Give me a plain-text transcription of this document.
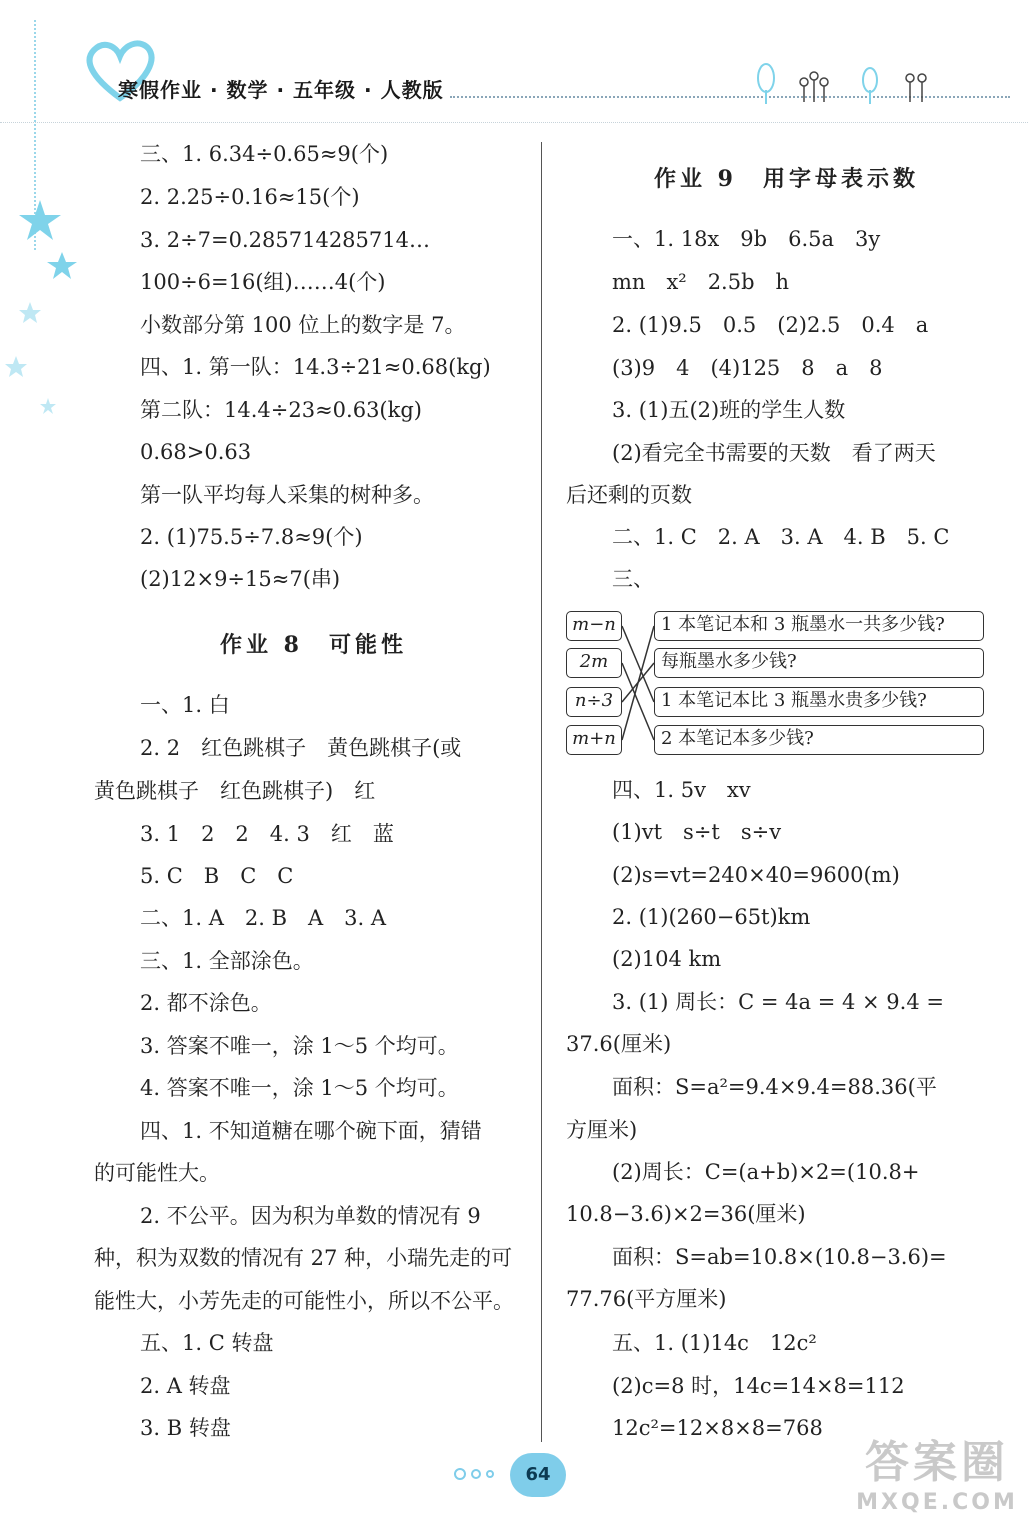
寒假作业 · 数学 · 五年级 · 人教版
三、1. 6.34÷0.65≈9(个)
2. 2.25÷0.16≈15(个)
3. 2÷7=0.285714285714…
100÷6=16(组)……4(个)
小数部分第 100 位上的数字是 7。
四、1. 第一队：14.3÷21≈0.68(kg)
第二队：14.4÷23≈0.63(kg)
0.68>0.63
第一队平均每人采集的树种多。
2. (1)75.5÷7.8≈9(个)
(2)12×9÷15≈7(串)
作业 8　可能性
一、1. 白
2. 2　红色跳棋子　黄色跳棋子(或
黄色跳棋子　红色跳棋子)　红
3. 1　2　2　4. 3　红　蓝
5. C　B　C　C
二、1. A　2. B　A　3. A
三、1. 全部涂色。
2. 都不涂色。
3. 答案不唯一，涂 1～5 个均可。
4. 答案不唯一，涂 1～5 个均可。
四、1. 不知道糖在哪个碗下面，猜错
的可能性大。
2. 不公平。因为积为单数的情况有 9
种，积为双数的情况有 27 种，小瑞先走的可
能性大，小芳先走的可能性小，所以不公平。
五、1. C 转盘
2. A 转盘
3. B 转盘
作业 9　用字母表示数
一、1. 18x　9b　6.5a　3y
mn　x²　2.5b　h
2. (1)9.5　0.5　(2)2.5　0.4　a
(3)9　4　(4)125　8　a　8
3. (1)五(2)班的学生人数
(2)看完全书需要的天数　看了两天
后还剩的页数
二、1. C　2. A　3. A　4. B　5. C
三、
m−n
2m
n÷3
m+n
1 本笔记本和 3 瓶墨水一共多少钱?
每瓶墨水多少钱?
1 本笔记本比 3 瓶墨水贵多少钱?
2 本笔记本多少钱?
四、1. 5v　xv
(1)vt　s÷t　s÷v
(2)s=vt=240×40=9600(m)
2. (1)(260−65t)km
(2)104 km
3. (1) 周长：C = 4a = 4 × 9.4 =
37.6(厘米)
面积：S=a²=9.4×9.4=88.36(平
方厘米)
(2)周长：C=(a+b)×2=(10.8+
10.8−3.6)×2=36(厘米)
面积：S=ab=10.8×(10.8−3.6)=
77.76(平方厘米)
五、1. (1)14c　12c²
(2)c=8 时，14c=14×8=112
12c²=12×8×8=768
64	答案圈
MXQE.COM
